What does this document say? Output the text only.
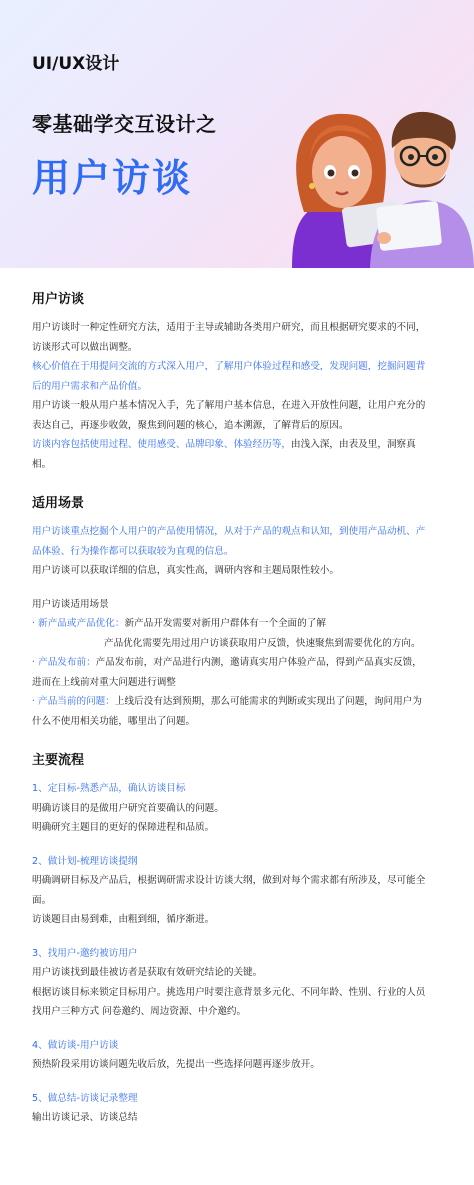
UI/UX设计
零基础学交互设计之
用户访谈
用户访谈
用户访谈时一种定性研究方法，适用于主导或辅助各类用户研究，而且根据研究要求的不同，
访谈形式可以做出调整。
核心价值在于用提问交流的方式深入用户，了解用户体验过程和感受，发现问题，挖掘问题背
后的用户需求和产品价值。
用户访谈一般从用户基本情况入手，先了解用户基本信息，在进入开放性问题，让用户充分的
表达自己，再逐步收敛，聚焦到问题的核心，追本溯源，了解背后的原因。
访谈内容包括使用过程、使用感受、品牌印象、体验经历等，由浅入深，由表及里，洞察真
相。
适用场景
用户访谈重点挖掘个人用户的产品使用情况，从对于产品的观点和认知，到使用产品动机、产
品体验、行为操作都可以获取较为直观的信息。
用户访谈可以获取详细的信息，真实性高，调研内容和主题局限性较小。
用户访谈适用场景
· 新产品或产品优化：新产品开发需要对新用户群体有一个全面的了解
产品优化需要先用过用户访谈获取用户反馈，快速聚焦到需要优化的方向。
· 产品发布前：产品发布前，对产品进行内测，邀请真实用户体验产品，得到产品真实反馈，
进而在上线前对重大问题进行调整
· 产品当前的问题：上线后没有达到预期，那么可能需求的判断或实现出了问题，询问用户为
什么不使用相关功能，哪里出了问题。
主要流程
1、定目标-熟悉产品，确认访谈目标
明确访谈目的是做用户研究首要确认的问题。
明确研究主题目的更好的保障进程和品质。
2、做计划-梳理访谈提纲
明确调研目标及产品后，根据调研需求设计访谈大纲，做到对每个需求都有所涉及，尽可能全
面。
访谈题目由易到难，由粗到细，循序渐进。
3、找用户-邀约被访用户
用户访谈找到最佳被访者是获取有效研究结论的关键。
根据访谈目标来锁定目标用户。挑选用户时要注意背景多元化、不同年龄、性别、行业的人员
找用户三种方式 问卷邀约、周边资源、中介邀约。
4、做访谈-用户访谈
预热阶段采用访谈问题先收后放，先提出一些选择问题再逐步放开。
5、做总结-访谈记录整理
输出访谈记录、访谈总结
